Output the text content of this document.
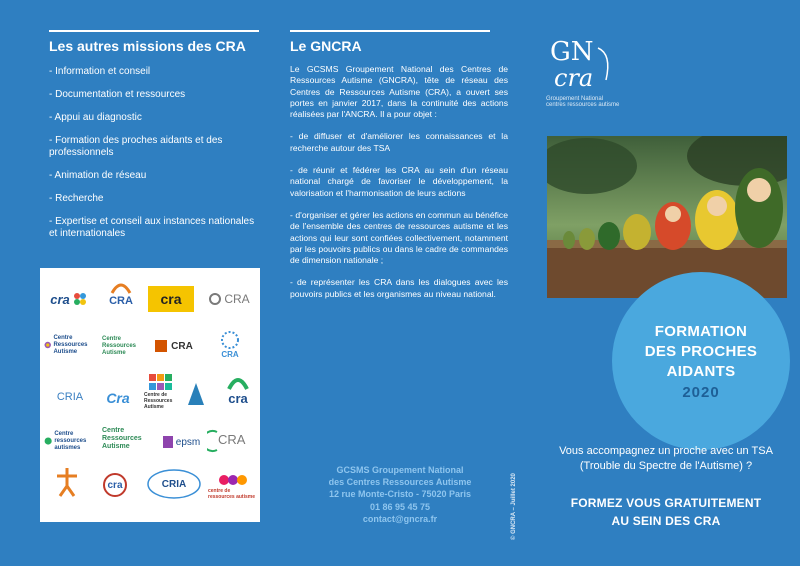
Les autres missions des CRA
- Information et conseil
- Documentation et ressources
- Appui au diagnostic
- Formation des proches aidants et des professionnels
- Animation de réseau
- Recherche
- Expertise et conseil aux instances nationales et internationales
cra	CRA cra	CRA
Centre Ressources Autisme
Centre Ressources Autisme
CRA
CRA
CRIA Cra	Centre de Ressources Autisme
cra
Centre ressources autismes
Centre Ressources Autisme	epsm CRA
cra	CRIA
centre de ressources autisme
Le GNCRA

Le GCSMS Groupement National des Centres de Ressources Autisme (GNCRA), tête de réseau des Centres de Ressources Autisme (CRA), a ouvert ses portes en janvier 2017, dans la continuité des actions réalisées par l'ANCRA. Il a pour objet :

- de diffuser et d'améliorer les connaissances et la recherche autour des TSA

- de réunir et fédérer les CRA au sein d'un réseau national chargé de favoriser le développement, la valorisation et l'harmonisation de leurs actions

- d'organiser et gérer les actions en commun au bénéfice de l'ensemble des centres de ressources autisme et les actions qui leur sont confiées collectivement, notamment par les pouvoirs publics ou dans le cadre de commandes de dimension nationale ;

- de représenter les CRA dans les dialogues avec les pouvoirs publics et les organismes au niveau national.

GCSMS Groupement National
des Centres Ressources Autisme
12 rue Monte-Cristo - 75020 Paris
01 86 95 45 75
contact@gncra.fr	© GNCRA – Juillet 2020
GN
cra
Groupement National
centres ressources autisme
FORMATION
DES PROCHES
AIDANTS
2020
Vous accompagnez un proche avec un TSA (Trouble du Spectre de l'Autisme) ?
FORMEZ VOUS GRATUITEMENT
AU SEIN DES CRA
